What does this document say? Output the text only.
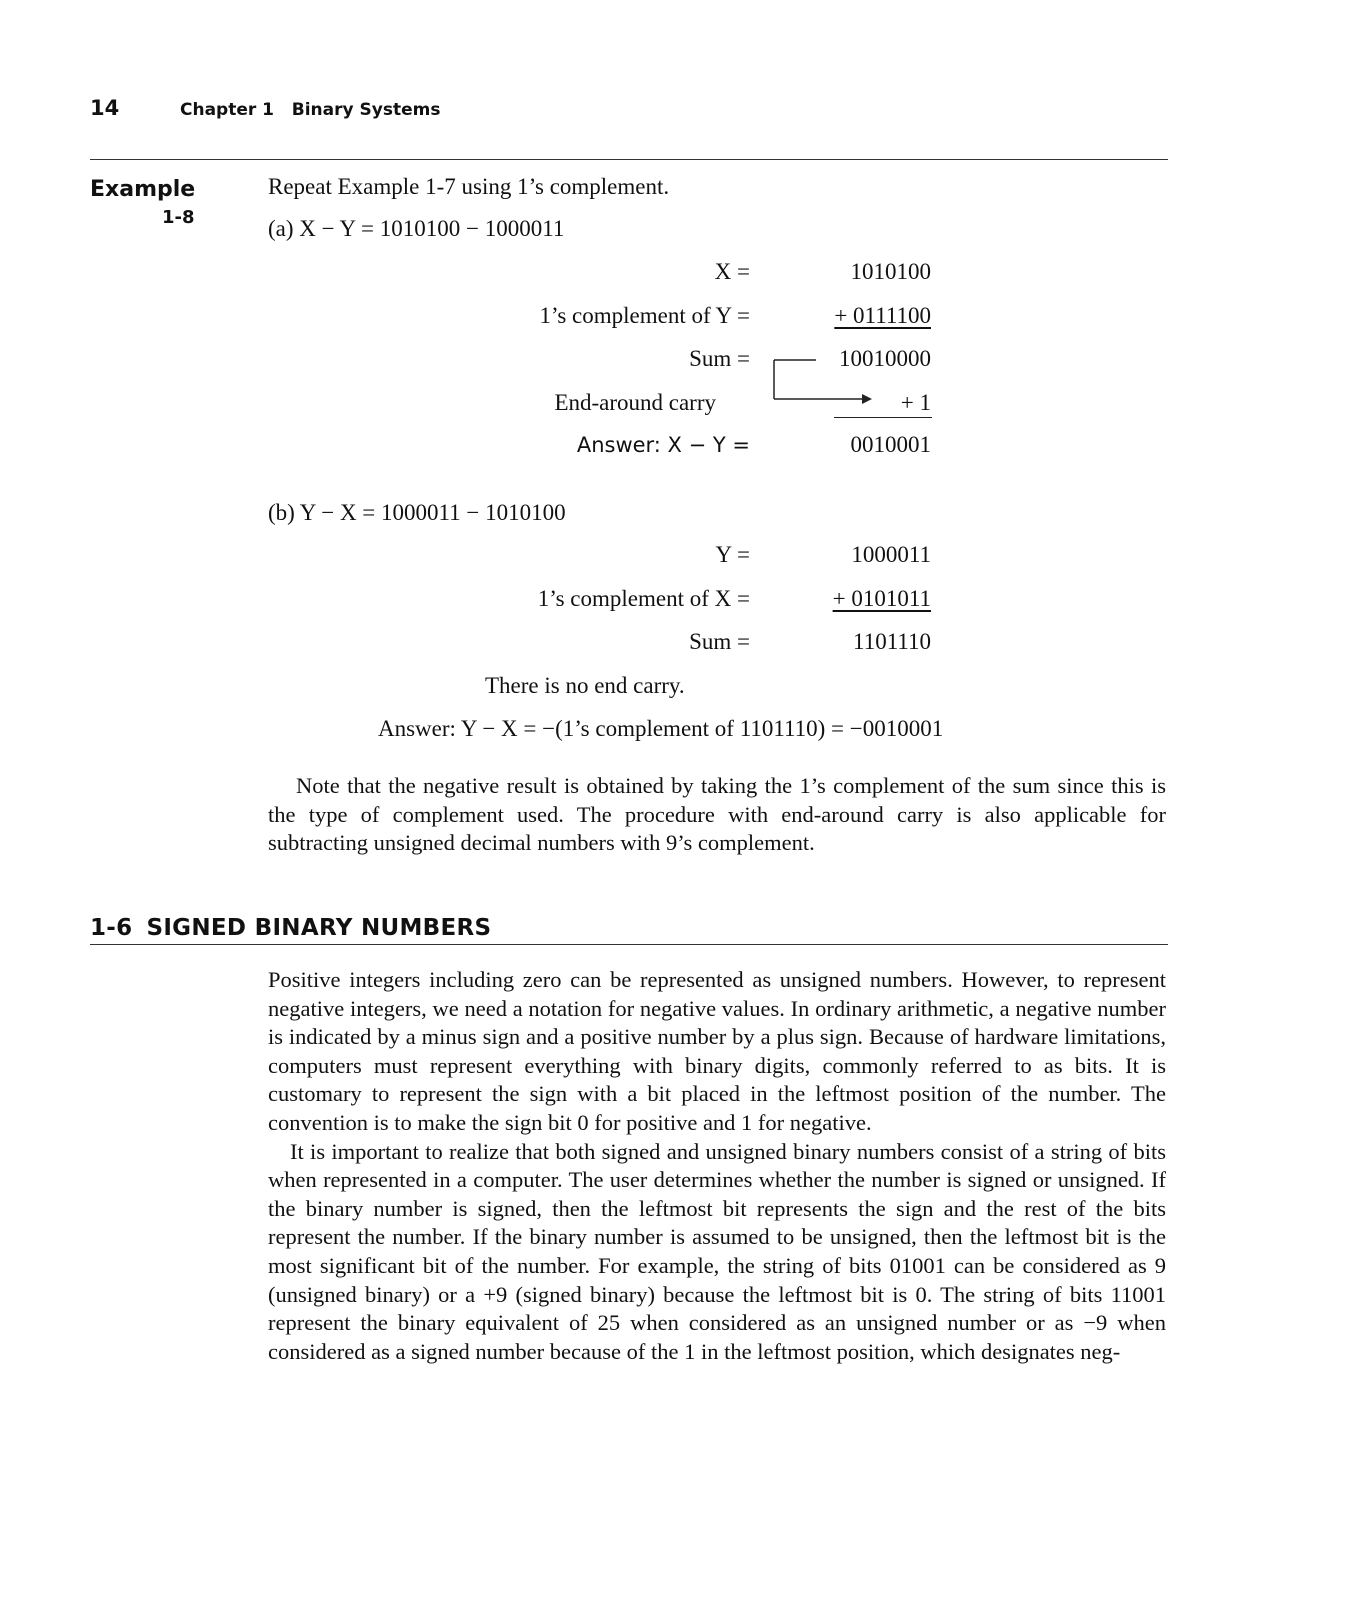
14	Chapter 1   Binary Systems
Example
1-8
Repeat Example 1-7 using 1’s complement.
(a) X − Y = 1010100 − 1000011
X =	1010100
1’s complement of Y =	+ 0111100
Sum =	10010000
End-around carry	+ 1
Answer: X − Y =	0010001
(b) Y − X = 1000011 − 1010100
Y =	1000011
1’s complement of X =	+ 0101011
Sum =	1101110
There is no end carry.
Answer: Y − X = −(1’s complement of 1101110) = −0010001
Note that the negative result is obtained by taking the 1’s complement of the sum since this is the type of complement used. The procedure with end-around carry is also applicable for subtracting unsigned decimal numbers with 9’s complement.
1-6 SIGNED BINARY NUMBERS

Positive integers including zero can be represented as unsigned numbers. However, to represent negative integers, we need a notation for negative values. In ordinary arithmetic, a negative number is indicated by a minus sign and a positive number by a plus sign. Because of hardware limitations, computers must represent everything with binary digits, commonly referred to as bits. It is customary to represent the sign with a bit placed in the leftmost position of the number. The convention is to make the sign bit 0 for positive and 1 for negative.

It is important to realize that both signed and unsigned binary numbers consist of a string of bits when represented in a computer. The user determines whether the number is signed or unsigned. If the binary number is signed, then the leftmost bit represents the sign and the rest of the bits represent the number. If the binary number is assumed to be unsigned, then the leftmost bit is the most significant bit of the number. For example, the string of bits 01001 can be considered as 9 (unsigned binary) or a +9 (signed binary) because the leftmost bit is 0. The string of bits 11001 represent the binary equivalent of 25 when considered as an unsigned number or as −9 when considered as a signed number because of the 1 in the leftmost position, which designates neg-
